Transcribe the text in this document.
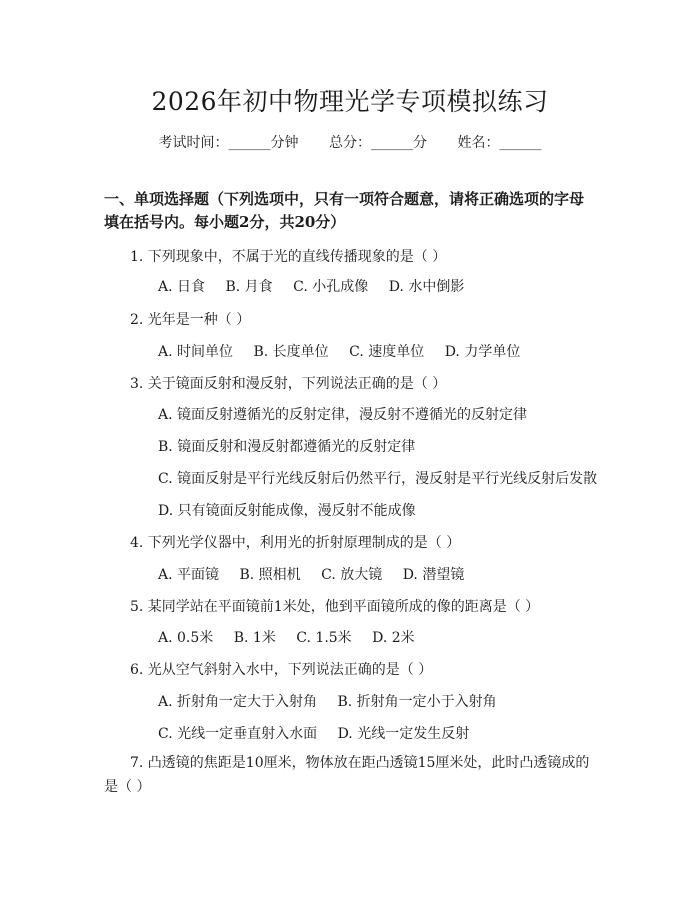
2026年初中物理光学专项模拟练习
考试时间：______分钟 总分：______分 姓名：______
一、单项选择题（下列选项中，只有一项符合题意，请将正确选项的字母填在括号内。每小题2分，共20分）
1. 下列现象中，不属于光的直线传播现象的是（ ）
A. 日食 B. 月食 C. 小孔成像 D. 水中倒影
2. 光年是一种（ ）
A. 时间单位 B. 长度单位 C. 速度单位 D. 力学单位
3. 关于镜面反射和漫反射，下列说法正确的是（ ）
A. 镜面反射遵循光的反射定律，漫反射不遵循光的反射定律
B. 镜面反射和漫反射都遵循光的反射定律
C. 镜面反射是平行光线反射后仍然平行，漫反射是平行光线反射后发散
D. 只有镜面反射能成像，漫反射不能成像
4. 下列光学仪器中，利用光的折射原理制成的是（ ）
A. 平面镜 B. 照相机 C. 放大镜 D. 潜望镜
5. 某同学站在平面镜前1米处，他到平面镜所成的像的距离是（ ）
A. 0.5米 B. 1米 C. 1.5米 D. 2米
6. 光从空气斜射入水中，下列说法正确的是（ ）
A. 折射角一定大于入射角 B. 折射角一定小于入射角
C. 光线一定垂直射入水面 D. 光线一定发生反射
7. 凸透镜的焦距是10厘米，物体放在距凸透镜15厘米处，此时凸透镜成的是（ ）
